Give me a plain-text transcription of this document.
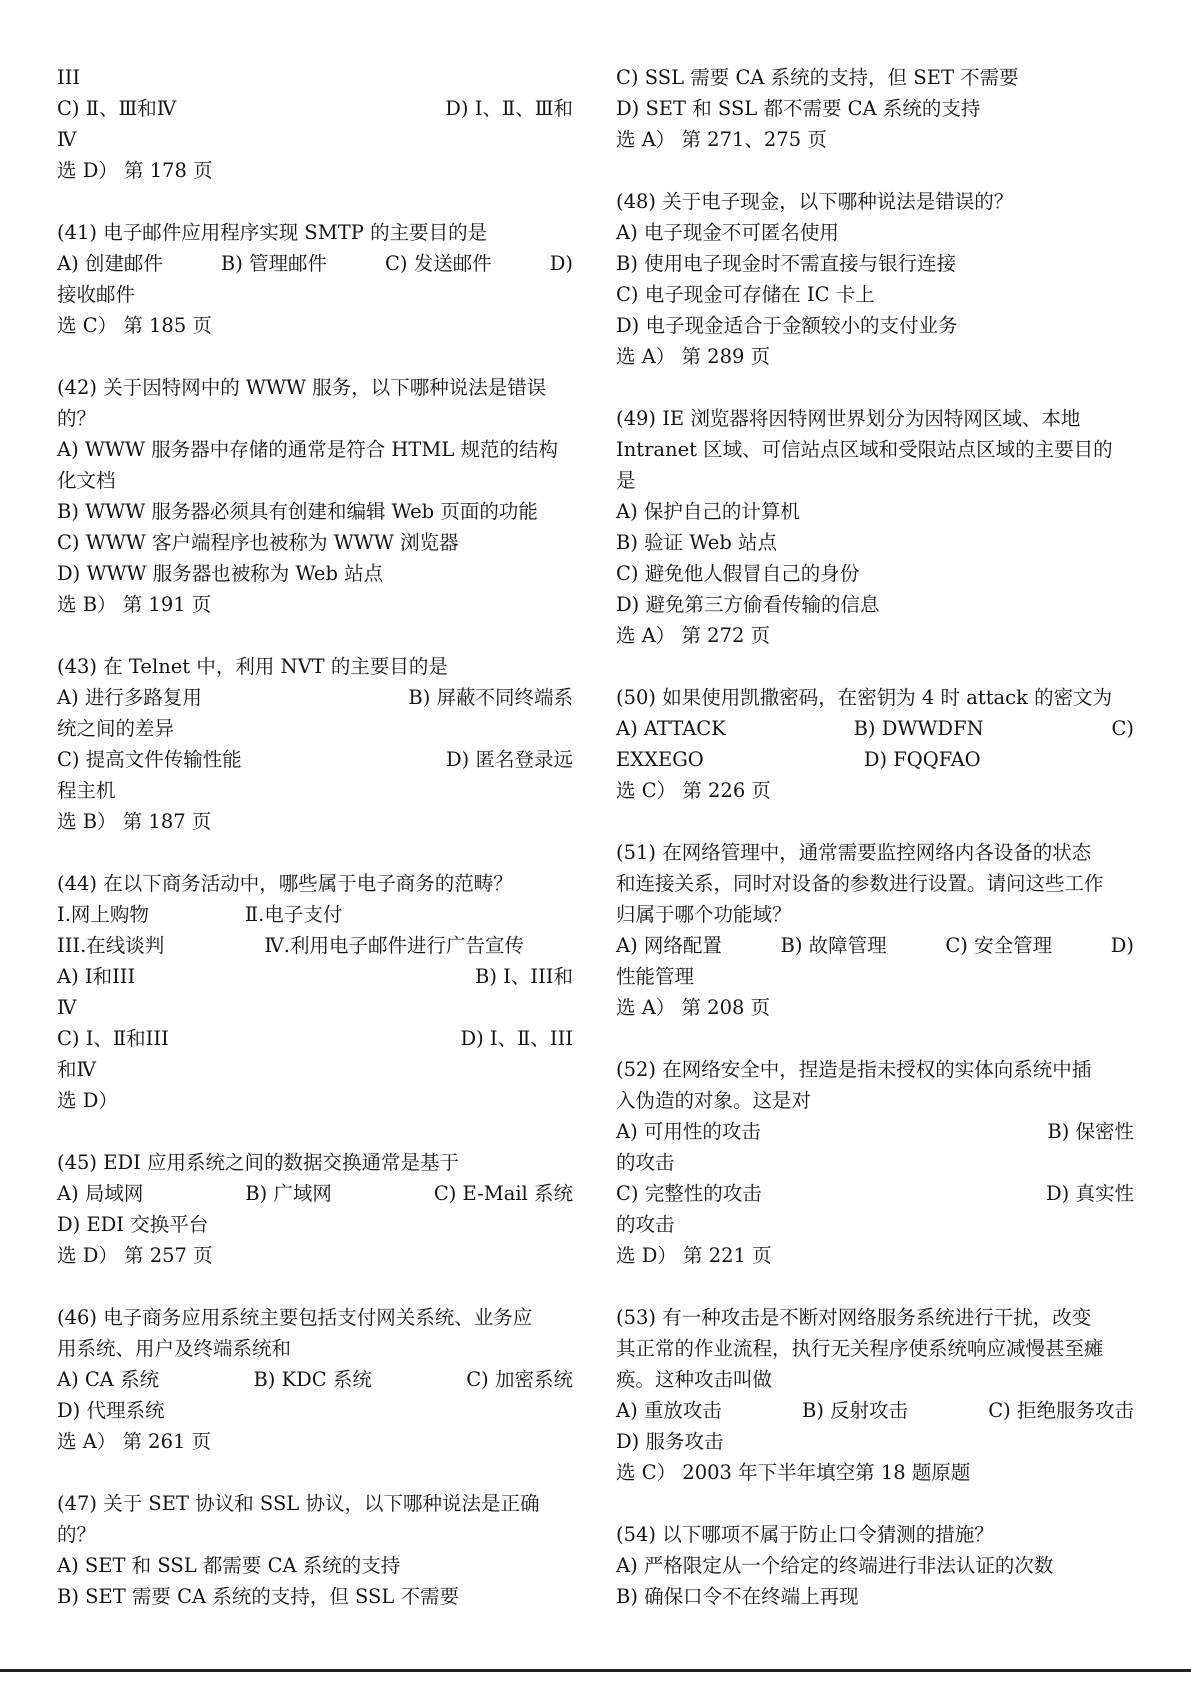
III
C) Ⅱ、Ⅲ和Ⅳ	D) Ⅰ、Ⅱ、Ⅲ和
Ⅳ
选 D） 第 178 页
(41) 电子邮件应用程序实现 SMTP 的主要目的是
A) 创建邮件	B) 管理邮件	C) 发送邮件	D)
接收邮件
选 C） 第 185 页
(42) 关于因特网中的 WWW 服务，以下哪种说法是错误
的？
A) WWW 服务器中存储的通常是符合 HTML 规范的结构
化文档
B) WWW 服务器必须具有创建和编辑 Web 页面的功能
C) WWW 客户端程序也被称为 WWW 浏览器
D) WWW 服务器也被称为 Web 站点
选 B） 第 191 页
(43) 在 Telnet 中，利用 NVT 的主要目的是
A) 进行多路复用	B) 屏蔽不同终端系
统之间的差异
C) 提高文件传输性能	D) 匿名登录远
程主机
选 B） 第 187 页
(44) 在以下商务活动中，哪些属于电子商务的范畴？
Ⅰ.网上购物	Ⅱ.电子支付
III.在线谈判	Ⅳ.利用电子邮件进行广告宣传
A) Ⅰ和III	B) Ⅰ、III和
Ⅳ
C) Ⅰ、Ⅱ和III	D) Ⅰ、Ⅱ、III
和Ⅳ
选 D）
(45) EDI 应用系统之间的数据交换通常是基于
A) 局域网	B) 广域网	C) E-Mail 系统
D) EDI 交换平台
选 D） 第 257 页
(46) 电子商务应用系统主要包括支付网关系统、业务应
用系统、用户及终端系统和
A) CA 系统	B) KDC 系统	C) 加密系统
D) 代理系统
选 A） 第 261 页
(47) 关于 SET 协议和 SSL 协议，以下哪种说法是正确
的？
A) SET 和 SSL 都需要 CA 系统的支持
B) SET 需要 CA 系统的支持，但 SSL 不需要
C) SSL 需要 CA 系统的支持，但 SET 不需要
D) SET 和 SSL 都不需要 CA 系统的支持
选 A） 第 271、275 页
(48) 关于电子现金，以下哪种说法是错误的？
A) 电子现金不可匿名使用
B) 使用电子现金时不需直接与银行连接
C) 电子现金可存储在 IC 卡上
D) 电子现金适合于金额较小的支付业务
选 A） 第 289 页
(49) IE 浏览器将因特网世界划分为因特网区域、本地
Intranet 区域、可信站点区域和受限站点区域的主要目的
是
A) 保护自己的计算机
B) 验证 Web 站点
C) 避免他人假冒自己的身份
D) 避免第三方偷看传输的信息
选 A） 第 272 页
(50) 如果使用凯撒密码，在密钥为 4 时 attack 的密文为
A) ATTACK	B) DWWDFN	C)
EXXEGO	D) FQQFAO
选 C） 第 226 页
(51) 在网络管理中，通常需要监控网络内各设备的状态
和连接关系，同时对设备的参数进行设置。请问这些工作
归属于哪个功能域？
A) 网络配置	B) 故障管理	C) 安全管理	D)
性能管理
选 A） 第 208 页
(52) 在网络安全中，捏造是指未授权的实体向系统中插
入伪造的对象。这是对
A) 可用性的攻击	B) 保密性
的攻击
C) 完整性的攻击	D) 真实性
的攻击
选 D） 第 221 页
(53) 有一种攻击是不断对网络服务系统进行干扰，改变
其正常的作业流程，执行无关程序使系统响应减慢甚至瘫
痪。这种攻击叫做
A) 重放攻击	B) 反射攻击	C) 拒绝服务攻击
D) 服务攻击
选 C） 2003 年下半年填空第 18 题原题
(54) 以下哪项不属于防止口令猜测的措施？
A) 严格限定从一个给定的终端进行非法认证的次数
B) 确保口令不在终端上再现
